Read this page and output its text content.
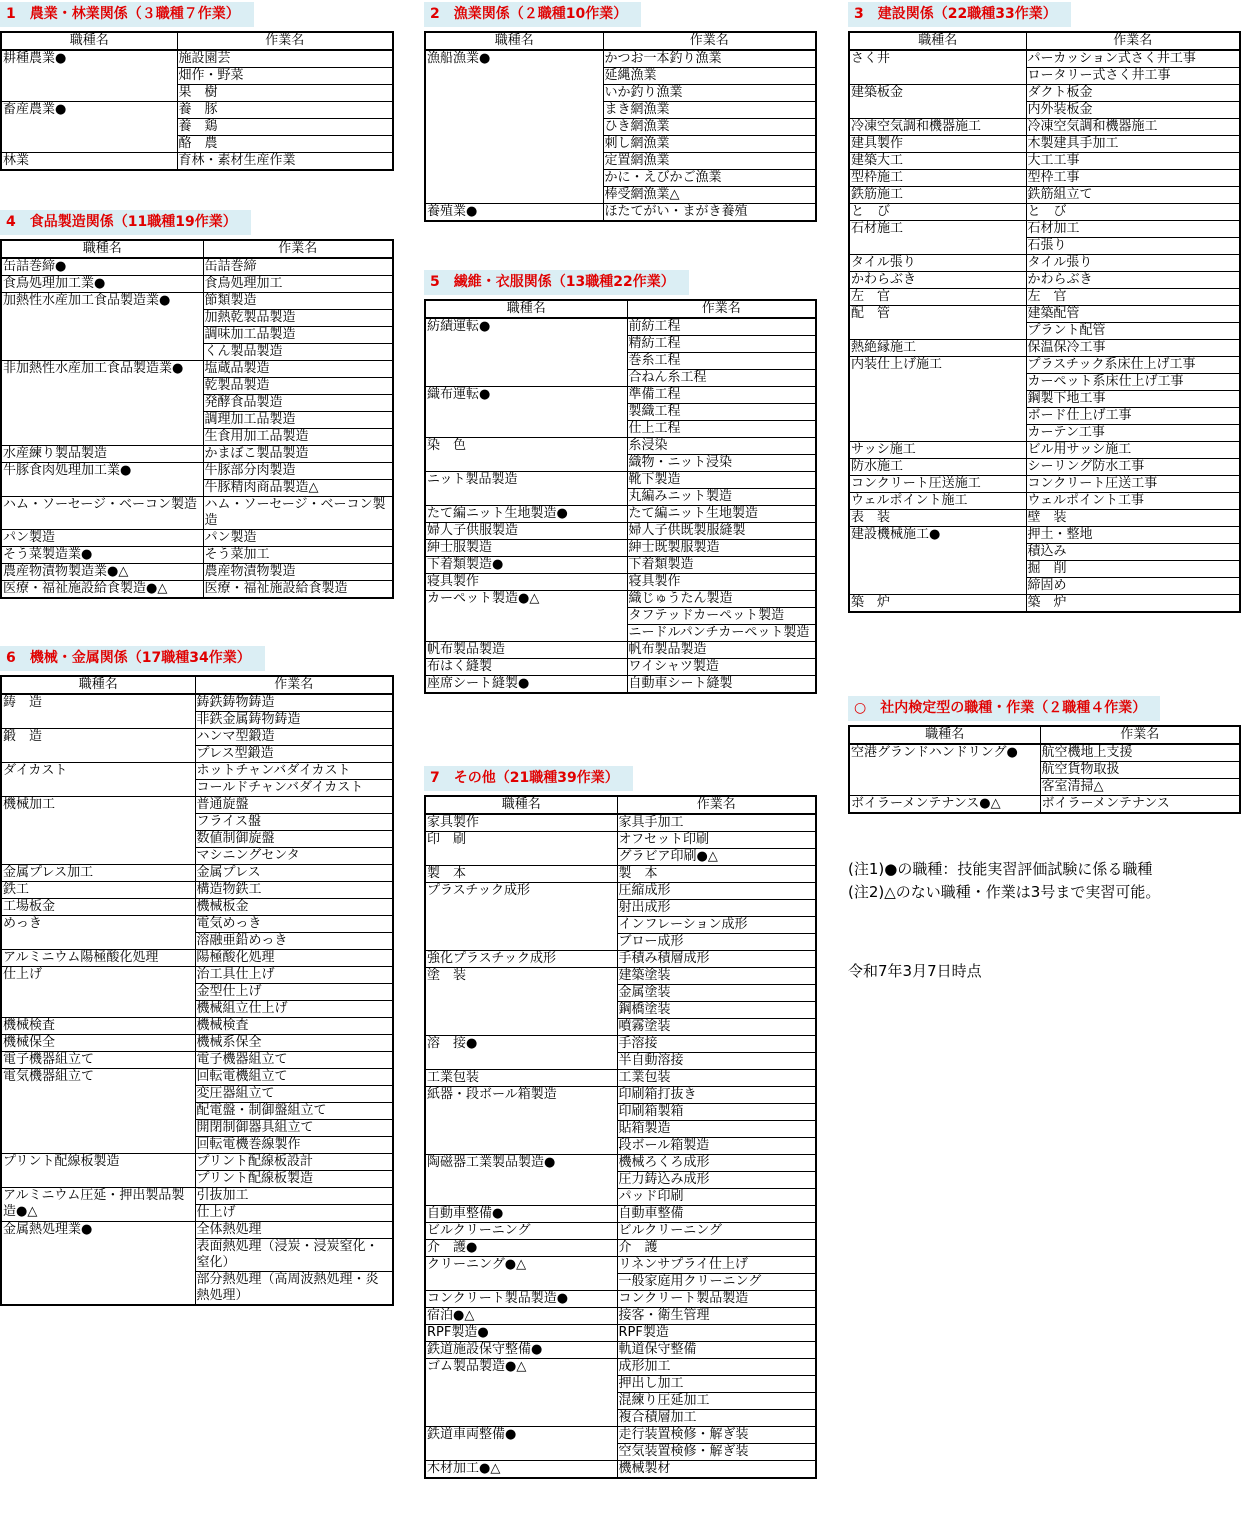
1　農業・林業関係（３職種７作業）
職種名	作業名
耕種農業●	施設園芸
	畑作・野菜
	果　樹
畜産農業●	養　豚
	養　鶏
	酪　農
林業	育林・素材生産作業
2　漁業関係（２職種10作業）
職種名	作業名
漁船漁業●	かつお一本釣り漁業
	延縄漁業
	いか釣り漁業
	まき網漁業
	ひき網漁業
	刺し網漁業
	定置網漁業
	かに・えびかご漁業
	棒受網漁業△
養殖業●	ほたてがい・まがき養殖
3　建設関係（22職種33作業）
職種名	作業名
さく井	パーカッション式さく井工事
	ロータリー式さく井工事
建築板金	ダクト板金
	内外装板金
冷凍空気調和機器施工	冷凍空気調和機器施工
建具製作	木製建具手加工
建築大工	大工工事
型枠施工	型枠工事
鉄筋施工	鉄筋組立て
と　び	と　び
石材施工	石材加工
	石張り
タイル張り	タイル張り
かわらぶき	かわらぶき
左　官	左　官
配　管	建築配管
	プラント配管
熱絶縁施工	保温保冷工事
内装仕上げ施工	プラスチック系床仕上げ工事
	カーペット系床仕上げ工事
	鋼製下地工事
	ボード仕上げ工事
	カーテン工事
サッシ施工	ビル用サッシ施工
防水施工	シーリング防水工事
コンクリート圧送施工	コンクリート圧送工事
ウェルポイント施工	ウェルポイント工事
表　装	壁　装
建設機械施工●	押土・整地
	積込み
	掘　削
	締固め
築　炉	築　炉
4　食品製造関係（11職種19作業）
職種名	作業名
缶詰巻締●	缶詰巻締
食鳥処理加工業●	食鳥処理加工
加熱性水産加工食品製造業●	節類製造
	加熱乾製品製造
	調味加工品製造
	くん製品製造
非加熱性水産加工食品製造業●	塩蔵品製造
	乾製品製造
	発酵食品製造
	調理加工品製造
	生食用加工品製造
水産練り製品製造	かまぼこ製品製造
牛豚食肉処理加工業●	牛豚部分肉製造
	牛豚精肉商品製造△
ハム・ソーセージ・ベーコン製造	ハム・ソーセージ・ベーコン製造
パン製造	パン製造
そう菜製造業●	そう菜加工
農産物漬物製造業●△	農産物漬物製造
医療・福祉施設給食製造●△	医療・福祉施設給食製造
5　繊維・衣服関係（13職種22作業）
職種名	作業名
紡績運転●	前紡工程
	精紡工程
	巻糸工程
	合ねん糸工程
織布運転●	準備工程
	製織工程
	仕上工程
染　色	糸浸染
	織物・ニット浸染
ニット製品製造	靴下製造
	丸編みニット製造
たて編ニット生地製造●	たて編ニット生地製造
婦人子供服製造	婦人子供既製服縫製
紳士服製造	紳士既製服製造
下着類製造●	下着類製造
寝具製作	寝具製作
カーペット製造●△	織じゅうたん製造
	タフテッドカーペット製造
	ニードルパンチカーペット製造
帆布製品製造	帆布製品製造
布はく縫製	ワイシャツ製造
座席シート縫製●	自動車シート縫製
6　機械・金属関係（17職種34作業）
職種名	作業名
鋳　造	鋳鉄鋳物鋳造
	非鉄金属鋳物鋳造
鍛　造	ハンマ型鍛造
	プレス型鍛造
ダイカスト	ホットチャンバダイカスト
	コールドチャンバダイカスト
機械加工	普通旋盤
	フライス盤
	数値制御旋盤
	マシニングセンタ
金属プレス加工	金属プレス
鉄工	構造物鉄工
工場板金	機械板金
めっき	電気めっき
	溶融亜鉛めっき
アルミニウム陽極酸化処理	陽極酸化処理
仕上げ	治工具仕上げ
	金型仕上げ
	機械組立仕上げ
機械検査	機械検査
機械保全	機械系保全
電子機器組立て	電子機器組立て
電気機器組立て	回転電機組立て
	変圧器組立て
	配電盤・制御盤組立て
	開閉制御器具組立て
	回転電機巻線製作
プリント配線板製造	プリント配線板設計
	プリント配線板製造
アルミニウム圧延・押出製品製造●△	引抜加工
	仕上げ
金属熱処理業●	全体熱処理
	表面熱処理（浸炭・浸炭窒化・窒化）
	部分熱処理（高周波熱処理・炎熱処理）
7　その他（21職種39作業）
職種名	作業名
家具製作	家具手加工
印　刷	オフセット印刷
	グラビア印刷●△
製　本	製　本
プラスチック成形	圧縮成形
	射出成形
	インフレーション成形
	ブロー成形
強化プラスチック成形	手積み積層成形
塗　装	建築塗装
	金属塗装
	鋼橋塗装
	噴霧塗装
溶　接●	手溶接
	半自動溶接
工業包装	工業包装
紙器・段ボール箱製造	印刷箱打抜き
	印刷箱製箱
	貼箱製造
	段ボール箱製造
陶磁器工業製品製造●	機械ろくろ成形
	圧力鋳込み成形
	パッド印刷
自動車整備●	自動車整備
ビルクリーニング	ビルクリーニング
介　護●	介　護
クリーニング●△	リネンサプライ仕上げ
	一般家庭用クリーニング
コンクリート製品製造●	コンクリート製品製造
宿泊●△	接客・衛生管理
RPF製造●	RPF製造
鉄道施設保守整備●	軌道保守整備
ゴム製品製造●△	成形加工
	押出し加工
	混練り圧延加工
	複合積層加工
鉄道車両整備●	走行装置検修・解ぎ装
	空気装置検修・解ぎ装
木材加工●△	機械製材
○　社内検定型の職種・作業（２職種４作業）
職種名	作業名
空港グランドハンドリング●	航空機地上支援
	航空貨物取扱
	客室清掃△
ボイラーメンテナンス●△	ボイラーメンテナンス
(注1)●の職種：技能実習評価試験に係る職種
(注2)△のない職種・作業は3号まで実習可能。
令和7年3月7日時点
